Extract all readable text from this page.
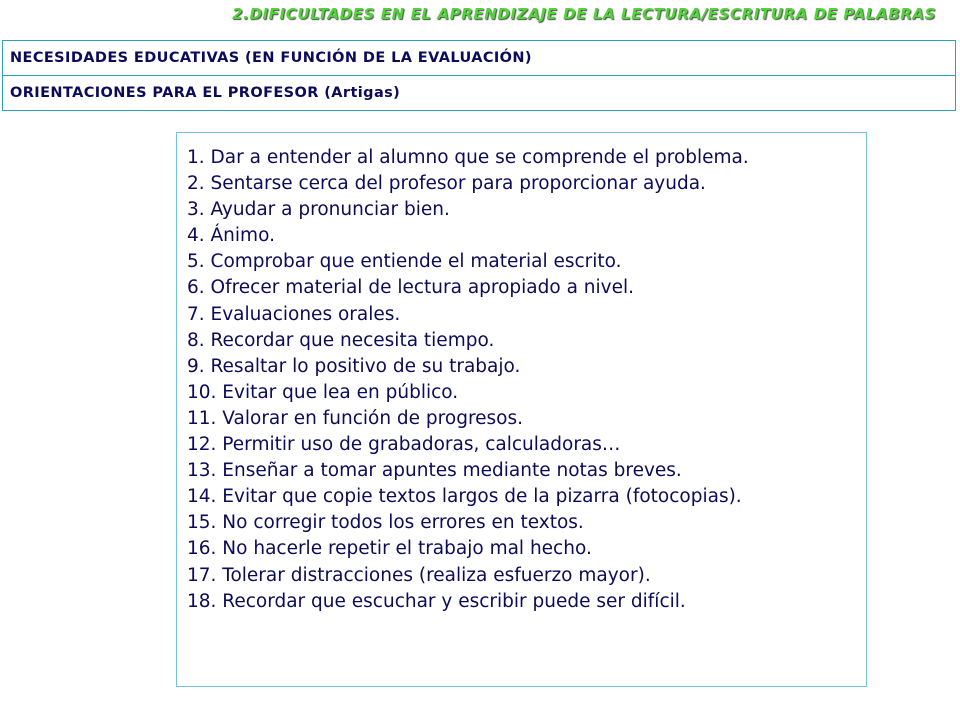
2.DIFICULTADES EN EL APRENDIZAJE DE LA LECTURA/ESCRITURA DE PALABRAS
NECESIDADES EDUCATIVAS (EN FUNCIÓN DE LA EVALUACIÓN)
ORIENTACIONES PARA EL PROFESOR (Artigas)
1. Dar a entender al alumno que se comprende el problema.
2. Sentarse cerca del profesor para proporcionar ayuda.
3. Ayudar a pronunciar bien.
4. Ánimo.
5. Comprobar que entiende el material escrito.
6. Ofrecer material de lectura apropiado a nivel.
7. Evaluaciones orales.
8. Recordar que necesita tiempo.
9. Resaltar lo positivo de su trabajo.
10. Evitar que lea en público.
11. Valorar en función de progresos.
12. Permitir uso de grabadoras, calculadoras…
13. Enseñar a tomar apuntes mediante notas breves.
14. Evitar que copie textos largos de la pizarra (fotocopias).
15. No corregir todos los errores en textos.
16. No hacerle repetir el trabajo mal hecho.
17. Tolerar distracciones (realiza esfuerzo mayor).
18. Recordar que escuchar y escribir puede ser difícil.
